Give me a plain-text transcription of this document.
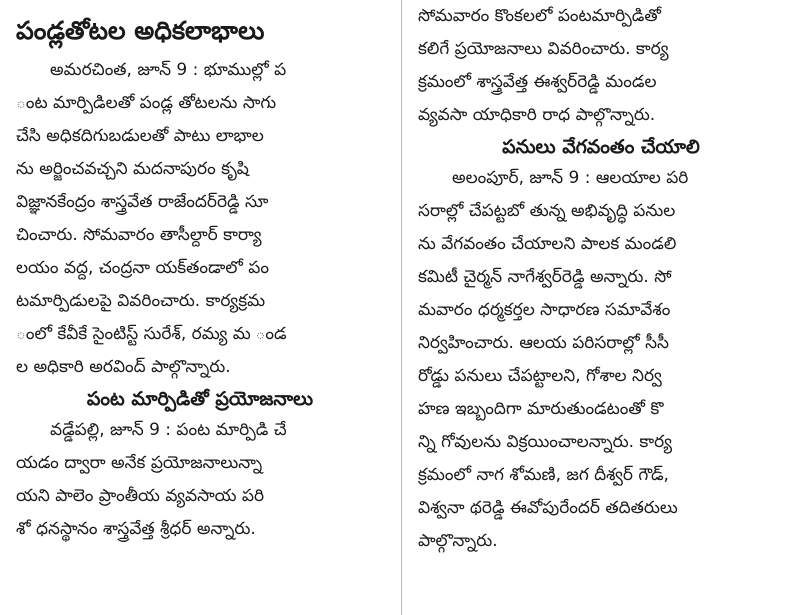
పండ్లతోటల అధికలాభాలు
అమరచింత, జూన్ 9 : భూముల్లో ప
ంట మార్పిడిలతో పండ్ల తోటలను సాగు
చేసి అధికదిగుబడులతో పాటు లాభాల
ను అర్జించవచ్చని మదనాపురం కృషి
విజ్ఞానకేంద్రం శాస్త్రవేత రాజేందర్‌రెడ్డి సూ
చించారు. సోమవారం తాసీల్దార్ కార్యా
లయం వద్ద, చంద్రనా యక్‌తండాలో పం
టమార్పిడులపై వివరించారు. కార్యక్రమ
ంలో కేవీకే సైంటిస్ట్ సురేశ్, రమ్య మ ండ
ల అధికారి అరవింద్ పాల్గొన్నారు.
పంట మార్పిడితో ప్రయోజనాలు
వడ్డేపల్లి, జూన్ 9 : పంట మార్పిడి చే
యడం ద్వారా అనేక ప్రయోజనాలున్నా
యని పాలెం ప్రాంతీయ వ్యవసాయ పరి
శో ధనస్థానం శాస్త్రవేత్త శ్రీధర్ అన్నారు.
సోమవారం కొంకలలో పంటమార్పిడితో
కలిగే ప్రయోజనాలు వివరించారు. కార్య
క్రమంలో శాస్త్రవేత్త ఈశ్వర్‌రెడ్డి మండల
వ్యవసా యాధికారి రాధ పాల్గొన్నారు.
పనులు వేగవంతం చేయాలి
అలంపూర్, జూన్ 9 : ఆలయాల పరి
సరాల్లో చేపట్టబో తున్న అభివృద్ధి పనుల
ను వేగవంతం చేయాలని పాలక మండలి
కమిటీ చైర్మన్ నాగేశ్వర్‌రెడ్డి అన్నారు. సో
మవారం ధర్మకర్తల సాధారణ సమావేశం
నిర్వహించారు. ఆలయ పరిసరాల్లో సీసీ
రోడ్డు పనులు చేపట్టాలని, గోశాల నిర్వ
హణ ఇబ్బందిగా మారుతుండటంతో కొ
న్ని గోవులను విక్రయించాలన్నారు. కార్య
క్రమంలో నాగ శోమణి, జగ దీశ్వర్ గౌడ్,
విశ్వనా థరెడ్డి ఈవోపురేందర్ తదితరులు
పాల్గొన్నారు.
